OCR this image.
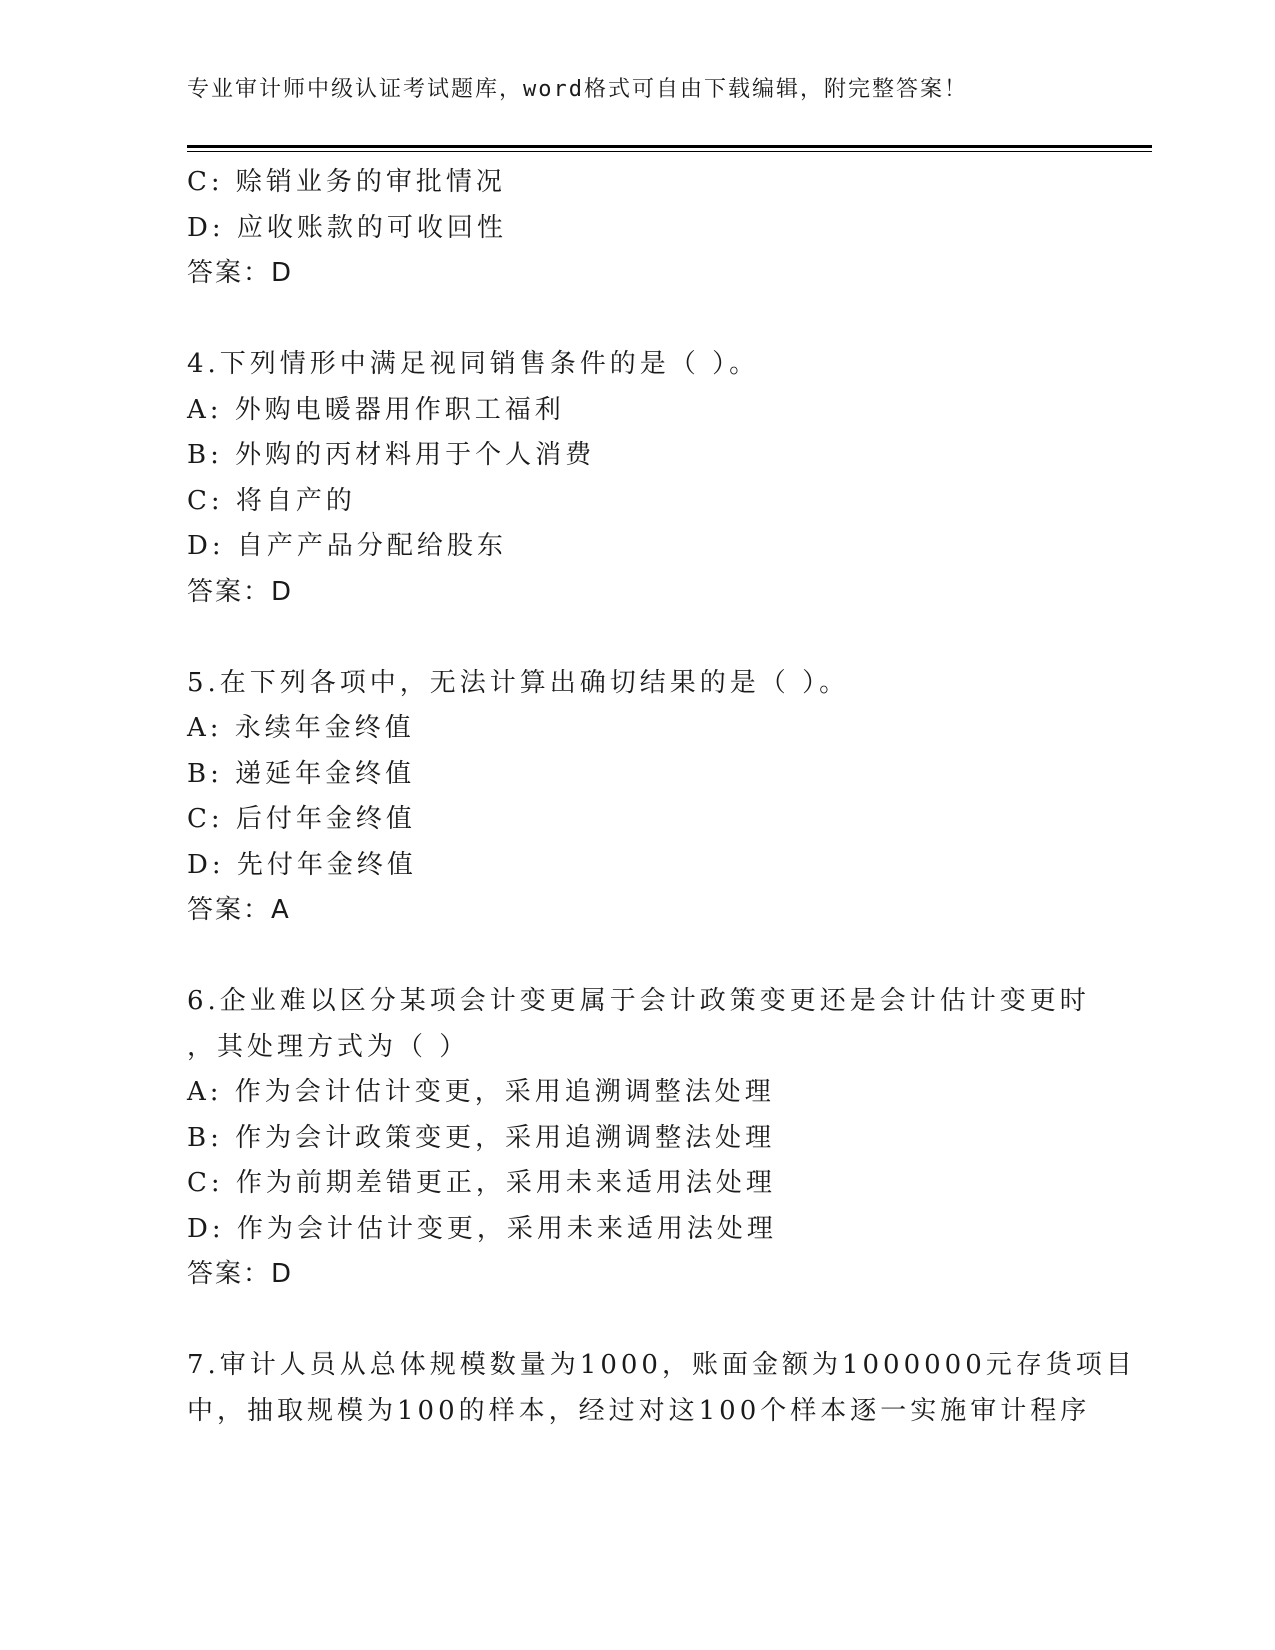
专业审计师中级认证考试题库，word格式可自由下载编辑，附完整答案！
C: 赊销业务的审批情况
D: 应收账款的可收回性
答案：D
4.下列情形中满足视同销售条件的是（ ）。
A: 外购电暖器用作职工福利
B: 外购的丙材料用于个人消费
C: 将自产的
D: 自产产品分配给股东
答案：D
5.在下列各项中，无法计算出确切结果的是（ ）。
A: 永续年金终值
B: 递延年金终值
C: 后付年金终值
D: 先付年金终值
答案：A
6.企业难以区分某项会计变更属于会计政策变更还是会计估计变更时
，其处理方式为（ ）
A: 作为会计估计变更，采用追溯调整法处理
B: 作为会计政策变更，采用追溯调整法处理
C: 作为前期差错更正，采用未来适用法处理
D: 作为会计估计变更，采用未来适用法处理
答案：D
7.审计人员从总体规模数量为1000，账面金额为1000000元存货项目
中，抽取规模为100的样本，经过对这100个样本逐一实施审计程序
